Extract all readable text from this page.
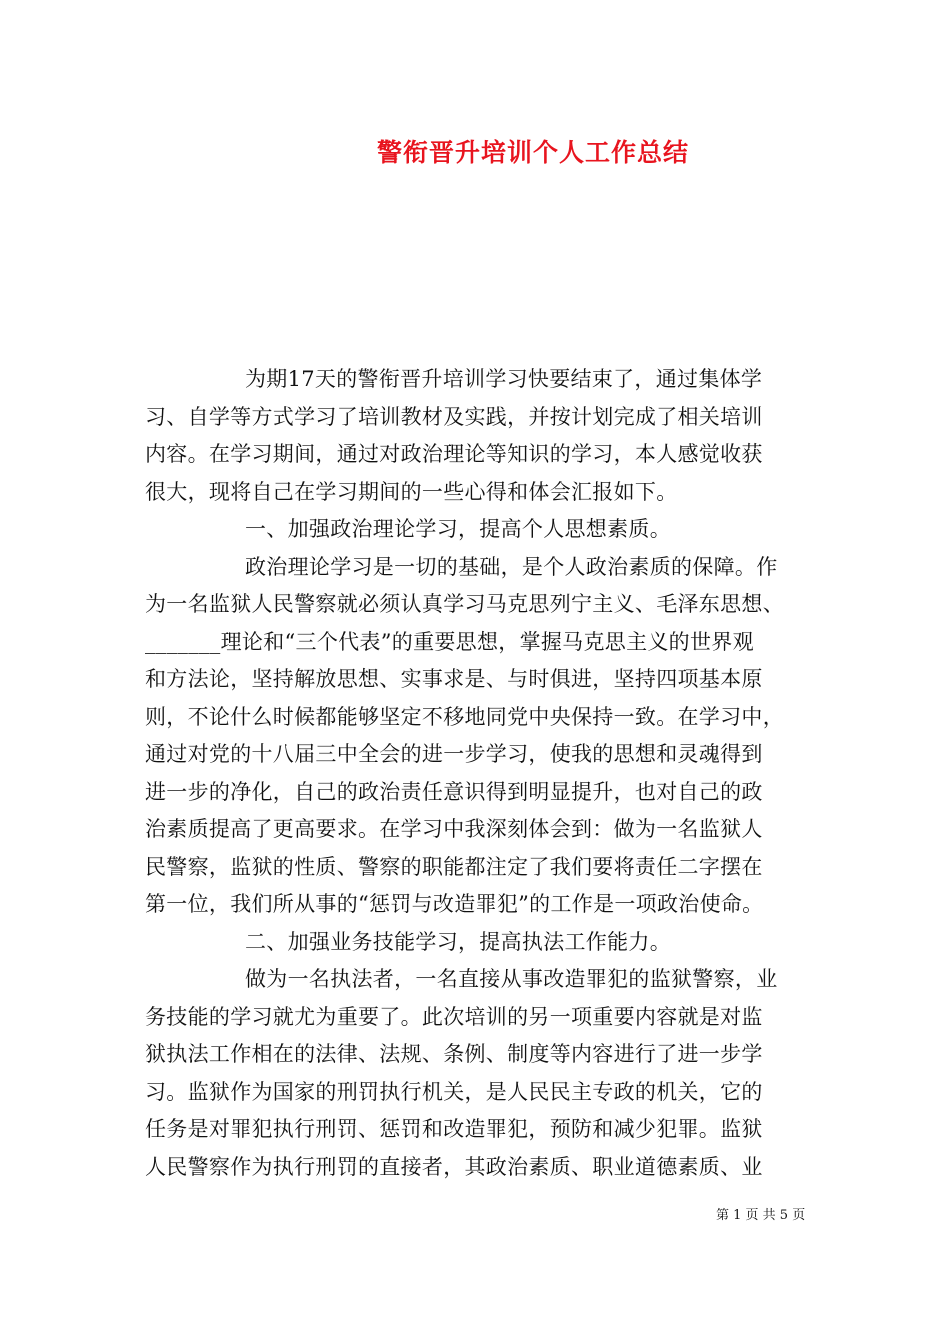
警衔晋升培训个人工作总结
为期17天的警衔晋升培训学习快要结束了，通过集体学
习、自学等方式学习了培训教材及实践，并按计划完成了相关培训
内容。在学习期间，通过对政治理论等知识的学习，本人感觉收获
很大，现将自己在学习期间的一些心得和体会汇报如下。
一、加强政治理论学习，提高个人思想素质。
政治理论学习是一切的基础，是个人政治素质的保障。作
为一名监狱人民警察就必须认真学习马克思列宁主义、毛泽东思想、
_______理论和“三个代表”的重要思想，掌握马克思主义的世界观
和方法论，坚持解放思想、实事求是、与时俱进，坚持四项基本原
则，不论什么时候都能够坚定不移地同党中央保持一致。在学习中，
通过对党的十八届三中全会的进一步学习，使我的思想和灵魂得到
进一步的净化，自己的政治责任意识得到明显提升，也对自己的政
治素质提高了更高要求。在学习中我深刻体会到：做为一名监狱人
民警察，监狱的性质、警察的职能都注定了我们要将责任二字摆在
第一位，我们所从事的“惩罚与改造罪犯”的工作是一项政治使命。
二、加强业务技能学习，提高执法工作能力。
做为一名执法者，一名直接从事改造罪犯的监狱警察，业
务技能的学习就尤为重要了。此次培训的另一项重要内容就是对监
狱执法工作相在的法律、法规、条例、制度等内容进行了进一步学
习。监狱作为国家的刑罚执行机关，是人民民主专政的机关，它的
任务是对罪犯执行刑罚、惩罚和改造罪犯，预防和减少犯罪。监狱
人民警察作为执行刑罚的直接者，其政治素质、职业道德素质、业
第 1 页 共 5 页
